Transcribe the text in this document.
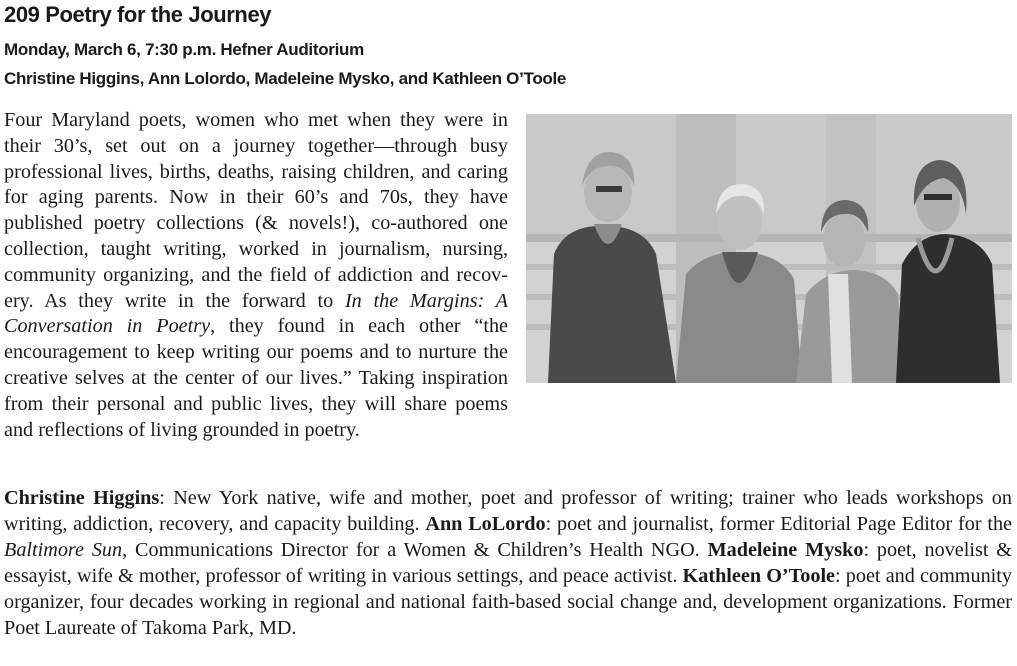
209 Poetry for the Journey
Monday, March 6, 7:30 p.m. Hefner Auditorium
Christine Higgins, Ann Lolordo, Madeleine Mysko, and Kathleen O’Toole
Four Maryland poets, women who met when they were in their 30’s, set out on a journey together—through busy professional lives, births, deaths, raising children, and caring for aging parents. Now in their 60’s and 70s, they have published poetry collections (& novels!), co-authored one collection, taught writing, worked in journalism, nursing, community organizing, and the field of addiction and recovery. As they write in the forward to In the Margins: A Conversation in Poetry, they found in each other “the encouragement to keep writing our poems and to nurture the creative selves at the center of our lives.” Taking inspiration from their personal and public lives, they will share poems and reflections of living grounded in poetry.
Christine Higgins: New York native, wife and mother, poet and professor of writing; trainer who leads workshops on writing, addiction, recovery, and capacity building. Ann LoLordo: poet and journalist, former Editorial Page Editor for the Baltimore Sun, Communications Director for a Women & Children’s Health NGO. Madeleine Mysko: poet, novelist & essayist, wife & mother, professor of writing in various settings, and peace activist. Kathleen O’Toole: poet and community organizer, four decades working in regional and national faith-based social change and, development organizations. Former Poet Laureate of Takoma Park, MD.
